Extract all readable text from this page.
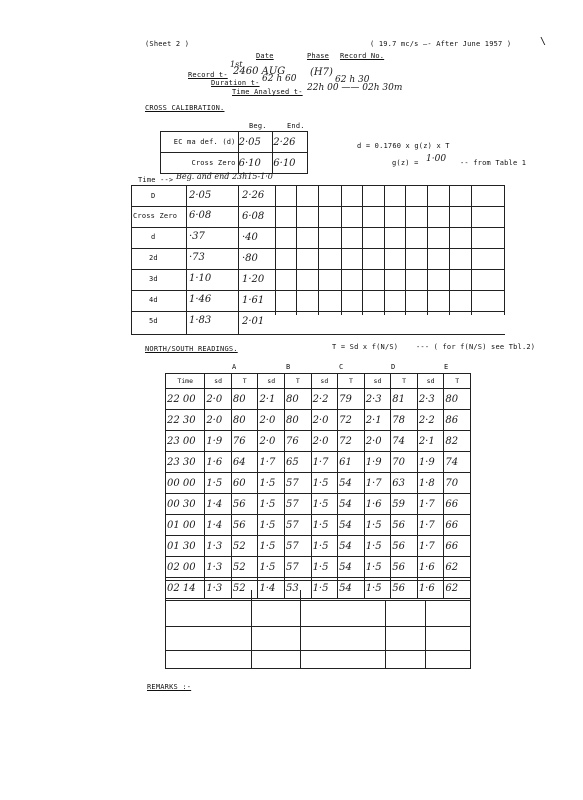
(Sheet 2 )	( 19.7 mc/s —- After June 1957 )	\
Date	Phase Record No.
1st
Record t- 2460 AUG (H7)
Duration t- 62 h 60	62 h 30
Time Analysed t- 22h 00 —— 02h 30m
CROSS CALIBRATION.
Beg.	End.
EC ma def. (d)	2·05	2·26
Cross Zero	6·10	6·10
d = 0.1760 x g(z) x T
g(z) = 1·00 -- from Table 1
Time --> Beg. and end 23h15-1·0
D	2·05	2·26
Cross Zero 6·08	6·08
d	·37	·40
2d	·73	·80
3d	1·10	1·20
4d	1·46	1·61
5d	1·83	2·01
NORTH/SOUTH READINGS.	T = Sd x f(N/S)	--- ( for f(N/S) see Tbl.2)
A	B	C	D	E
Time	sd	T	sd	T	sd	T	sd	T	sd	T
22 00	2·0	80	2·1	80	2·2	79	2·3	81	2·3	80
22 30	2·0	80	2·0	80	2·0	72	2·1	78	2·2	86
23 00	1·9	76	2·0	76	2·0	72	2·0	74	2·1	82
23 30	1·6	64	1·7	65	1·7	61	1·9	70	1·9	74
00 00	1·5	60	1·5	57	1·5	54	1·7	63	1·8	70
00 30	1·4	56	1·5	57	1·5	54	1·6	59	1·7	66
01 00	1·4	56	1·5	57	1·5	54	1·5	56	1·7	66
01 30	1·3	52	1·5	57	1·5	54	1·5	56	1·7	66
02 00	1·3	52	1·5	57	1·5	54	1·5	56	1·6	62
02 14	1·3	52	1·4	53	1·5	54	1·5	56	1·6	62
REMARKS :-
